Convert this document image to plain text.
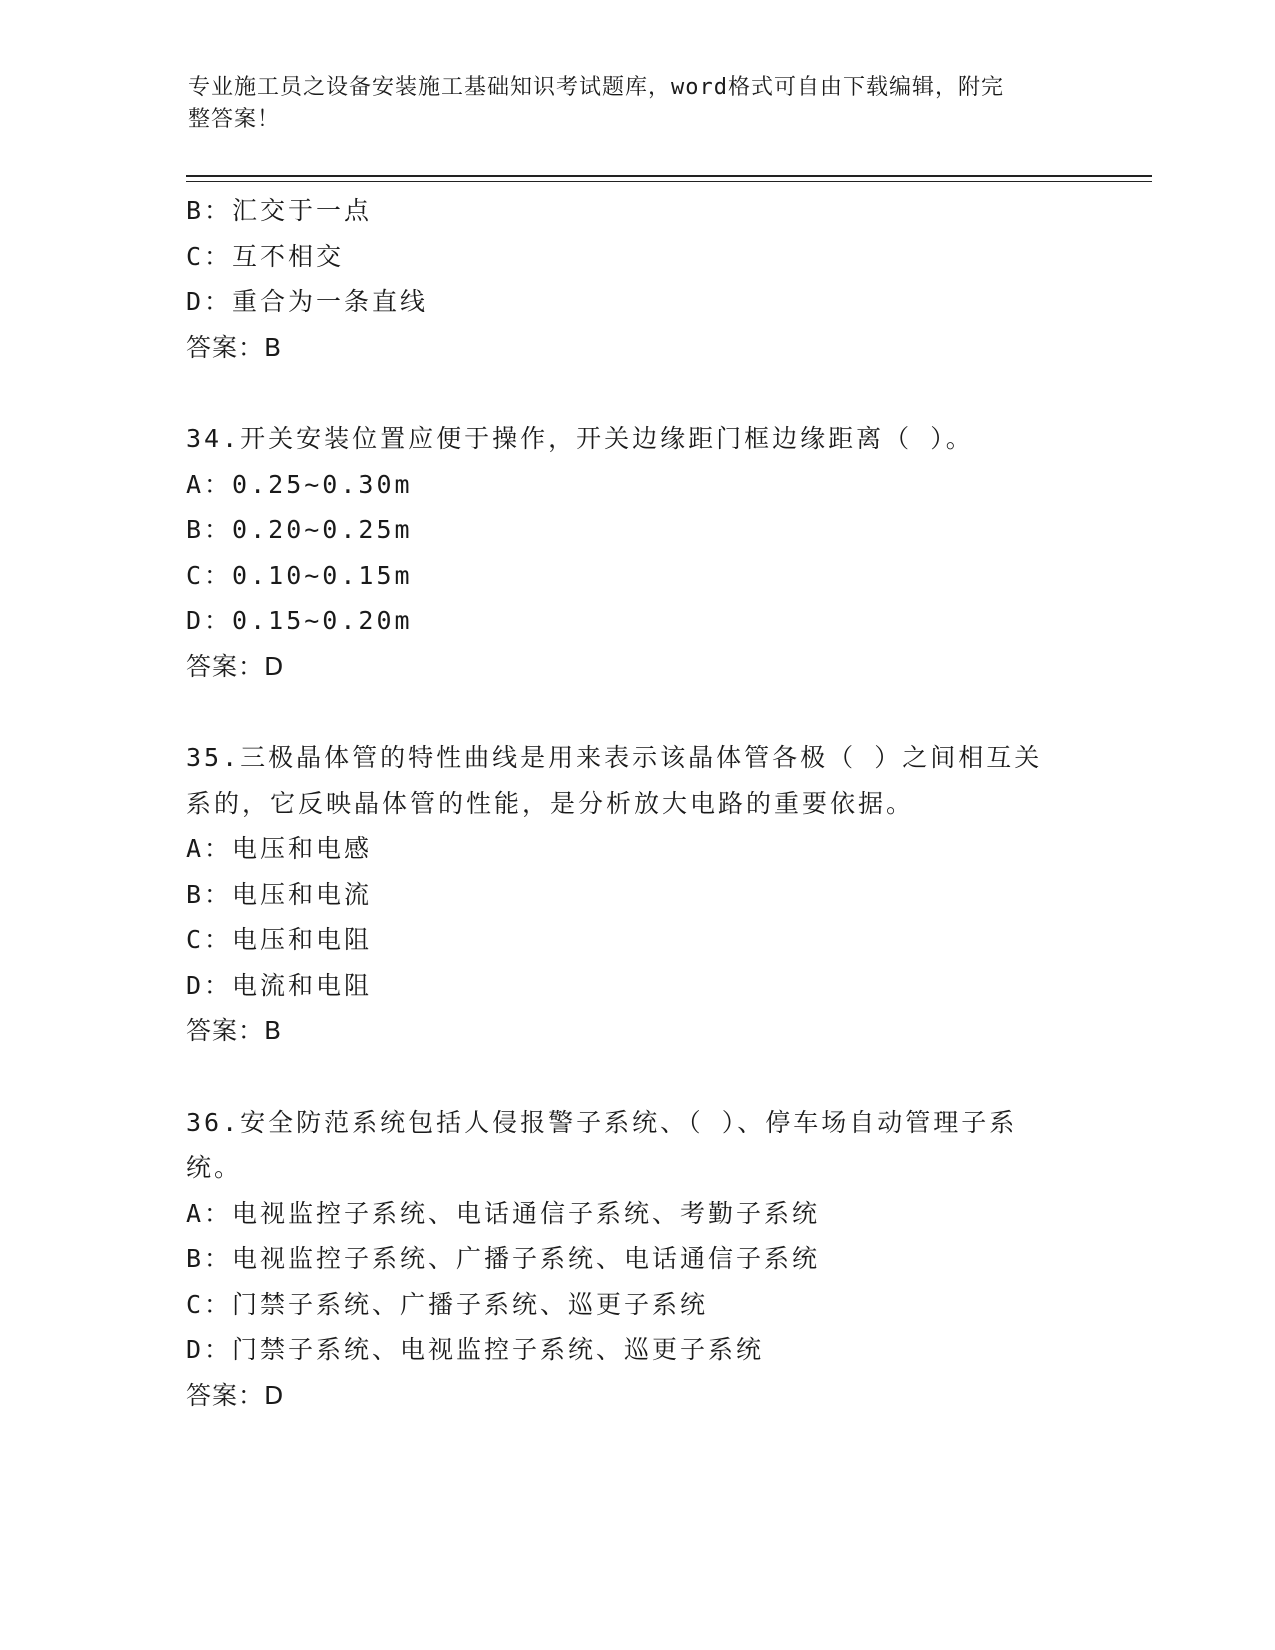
专业施工员之设备安装施工基础知识考试题库，word格式可自由下载编辑，附完
整答案！
B：汇交于一点
C：互不相交
D：重合为一条直线
答案：B
34.开关安装位置应便于操作，开关边缘距门框边缘距离（ ）。
A：0.25~0.30m
B：0.20~0.25m
C：0.10~0.15m
D：0.15~0.20m
答案：D
35.三极晶体管的特性曲线是用来表示该晶体管各极（ ）之间相互关
系的，它反映晶体管的性能，是分析放大电路的重要依据。
A：电压和电感
B：电压和电流
C：电压和电阻
D：电流和电阻
答案：B
36.安全防范系统包括人侵报警子系统、（ ）、停车场自动管理子系
统。
A：电视监控子系统、电话通信子系统、考勤子系统
B：电视监控子系统、广播子系统、电话通信子系统
C：门禁子系统、广播子系统、巡更子系统
D：门禁子系统、电视监控子系统、巡更子系统
答案：D
